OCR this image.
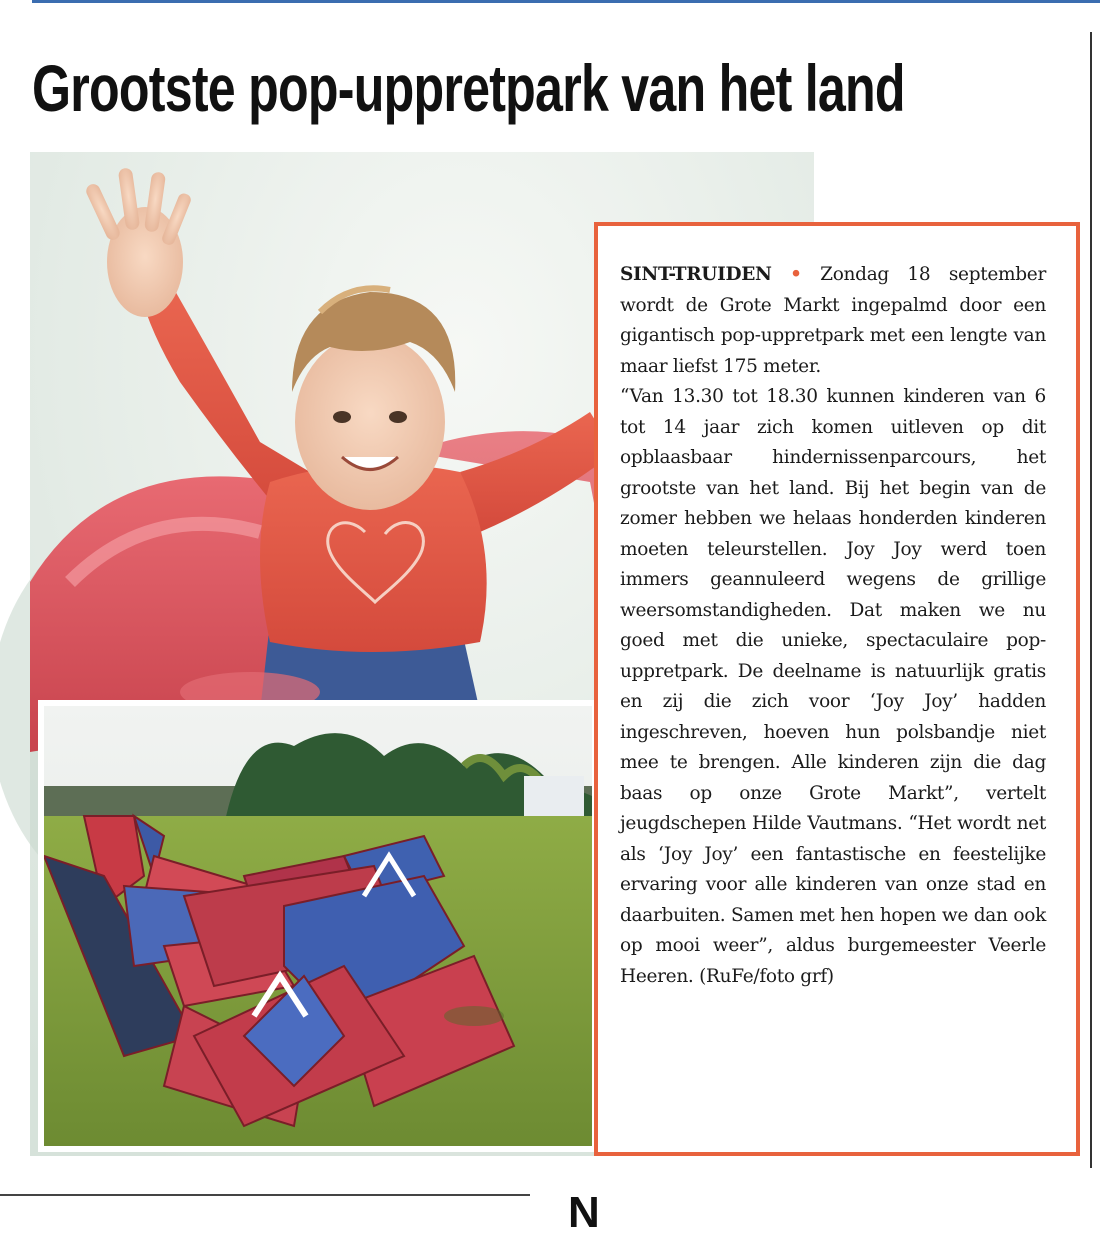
Grootste pop-uppretpark van het land

SINT-TRUIDEN • Zondag 18 september wordt de Grote Markt ingepalmd door een gigantisch pop-uppretpark met een lengte van maar liefst 175 meter.

“Van 13.30 tot 18.30 kunnen kinderen van 6 tot 14 jaar zich komen uitleven op dit opblaasbaar hindernissenparcours, het grootste van het land. Bij het begin van de zomer hebben we helaas honderden kinderen moeten teleurstellen. Joy Joy werd toen immers geannuleerd wegens de grillige weersomstandigheden. Dat maken we nu goed met die unieke, spectaculaire pop-uppretpark. De deelname is natuurlijk gratis en zij die zich voor ‘Joy Joy’ hadden ingeschreven, hoeven hun polsbandje niet mee te brengen. Alle kinderen zijn die dag baas op onze Grote Markt”, vertelt jeugdschepen Hilde Vautmans. “Het wordt net als ‘Joy Joy’ een fantastische en feestelijke ervaring voor alle kinderen van onze stad en daarbuiten. Samen met hen hopen we dan ook op mooi weer”, aldus burgemeester Veerle Heeren. (RuFe/foto grf)

N
